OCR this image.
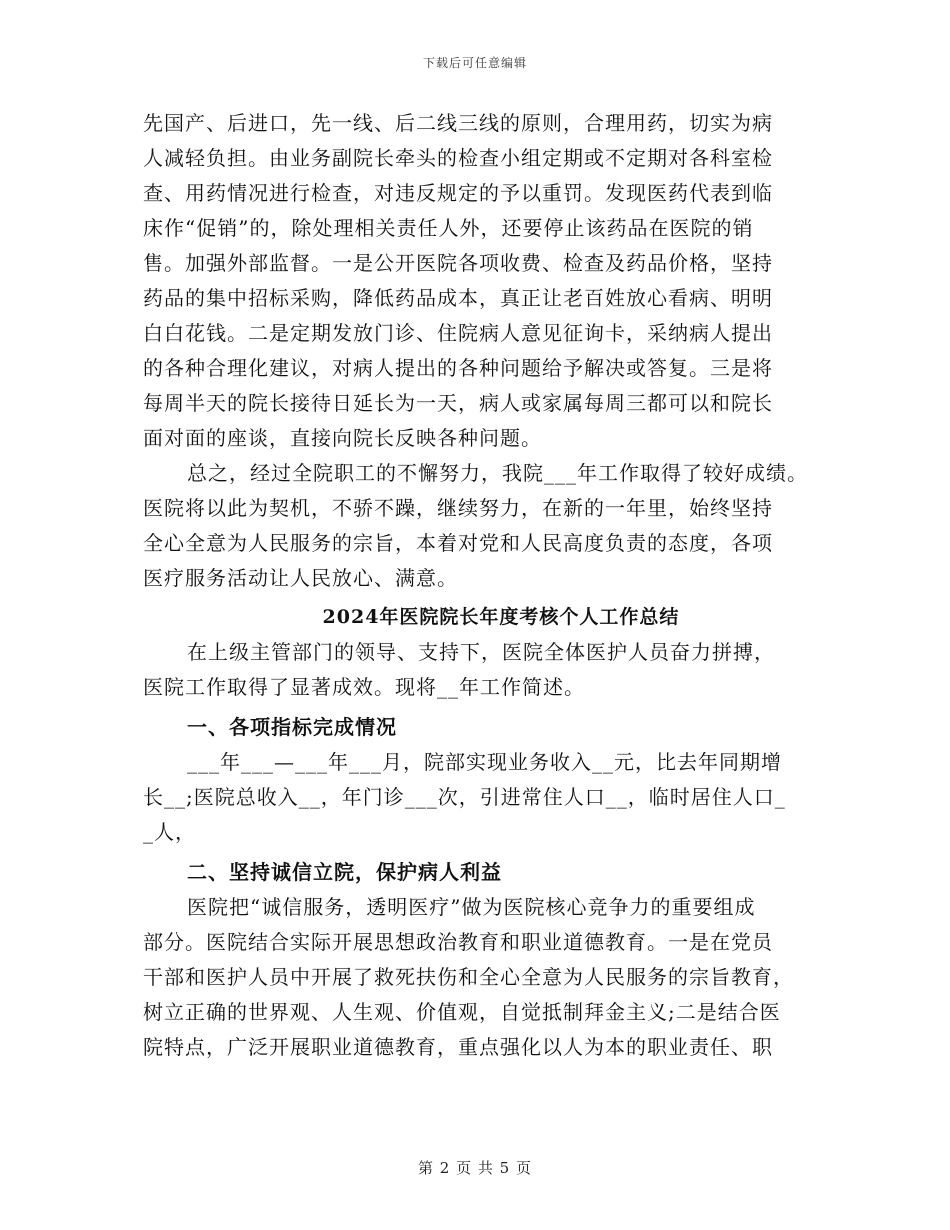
下载后可任意编辑
先国产、后进口，先一线、后二线三线的原则，合理用药，切实为病
人减轻负担。由业务副院长牵头的检查小组定期或不定期对各科室检
查、用药情况进行检查，对违反规定的予以重罚。发现医药代表到临
床作“促销”的，除处理相关责任人外，还要停止该药品在医院的销
售。加强外部监督。一是公开医院各项收费、检查及药品价格，坚持
药品的集中招标采购，降低药品成本，真正让老百姓放心看病、明明
白白花钱。二是定期发放门诊、住院病人意见征询卡，采纳病人提出
的各种合理化建议，对病人提出的各种问题给予解决或答复。三是将
每周半天的院长接待日延长为一天，病人或家属每周三都可以和院长
面对面的座谈，直接向院长反映各种问题。
总之，经过全院职工的不懈努力，我院___年工作取得了较好成绩。
医院将以此为契机，不骄不躁，继续努力，在新的一年里，始终坚持
全心全意为人民服务的宗旨，本着对党和人民高度负责的态度，各项
医疗服务活动让人民放心、满意。
2024年医院院长年度考核个人工作总结
在上级主管部门的领导、支持下，医院全体医护人员奋力拼搏，
医院工作取得了显著成效。现将__年工作简述。
一、各项指标完成情况
___年___—___年___月，院部实现业务收入__元，比去年同期增
长__;医院总收入__，年门诊___次，引进常住人口__，临时居住人口_
_人，
二、坚持诚信立院，保护病人利益
医院把“诚信服务，透明医疗”做为医院核心竞争力的重要组成
部分。医院结合实际开展思想政治教育和职业道德教育。一是在党员
干部和医护人员中开展了救死扶伤和全心全意为人民服务的宗旨教育，
树立正确的世界观、人生观、价值观，自觉抵制拜金主义;二是结合医
院特点，广泛开展职业道德教育，重点强化以人为本的职业责任、职
第 2 页 共 5 页
